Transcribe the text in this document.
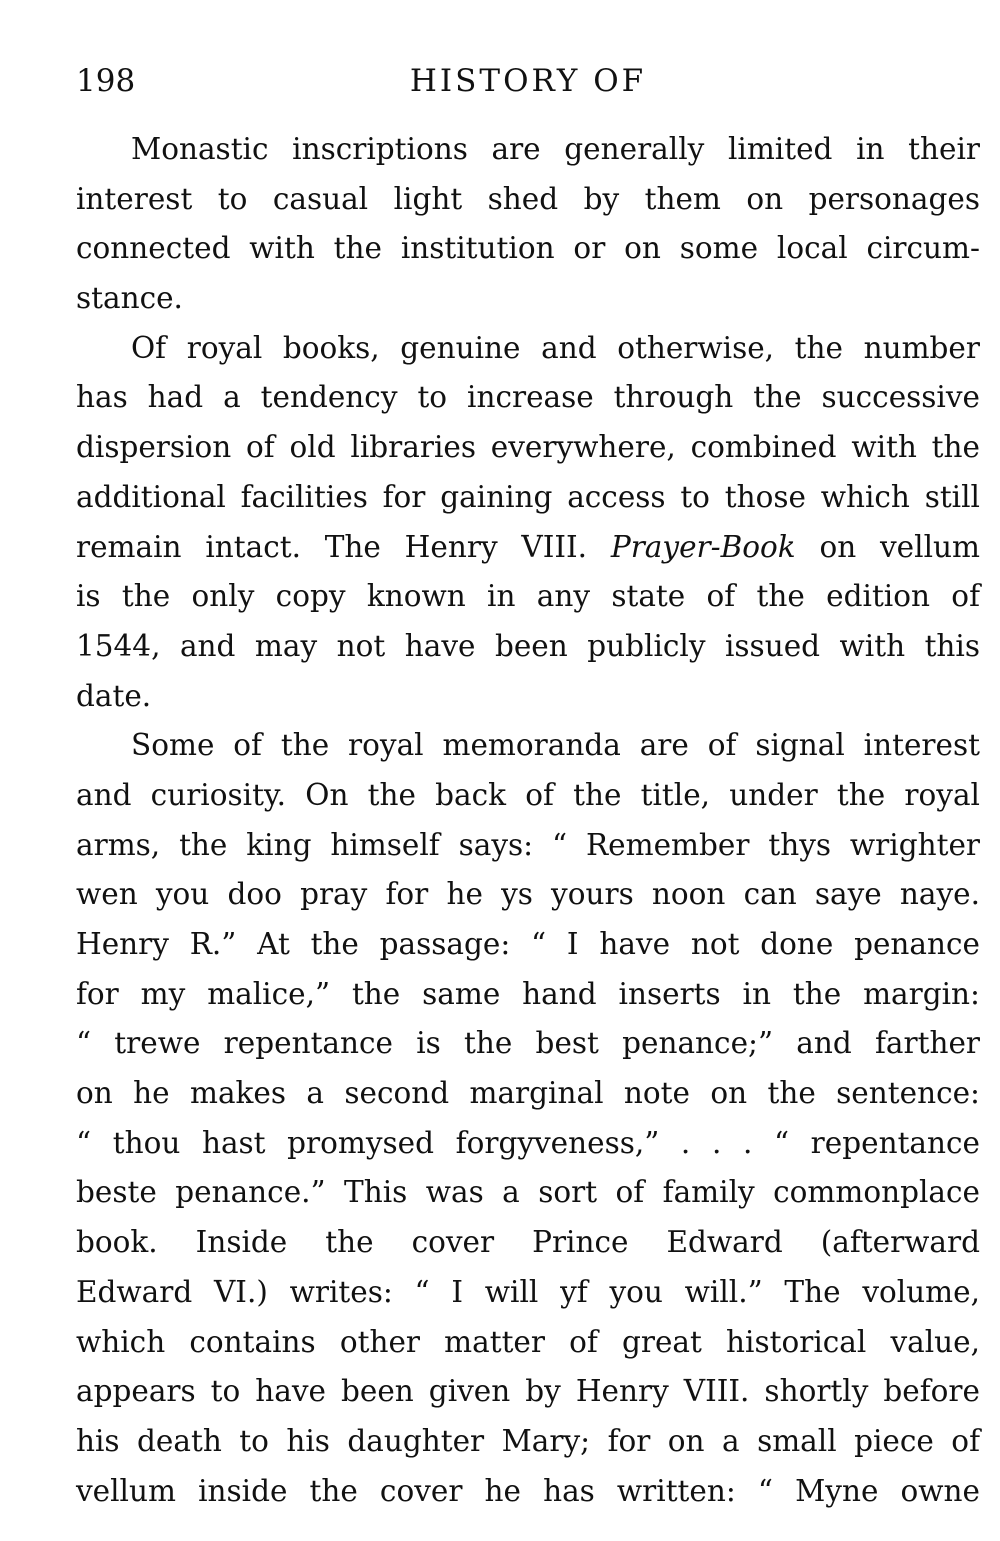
198	HISTORY OF
Monastic inscriptions are generally limited in their
interest to casual light shed by them on personages
connected with the institution or on some local circum-
stance.
Of royal books, genuine and otherwise, the number
has had a tendency to increase through the successive
dispersion of old libraries everywhere, combined with the
additional facilities for gaining access to those which still
remain intact. The Henry VIII. Prayer-Book on vellum
is the only copy known in any state of the edition of
1544, and may not have been publicly issued with this
date.
Some of the royal memoranda are of signal interest
and curiosity. On the back of the title, under the royal
arms, the king himself says: “ Remember thys wrighter
wen you doo pray for he ys yours noon can saye naye.
Henry R.” At the passage: “ I have not done penance
for my malice,” the same hand inserts in the margin:
“ trewe repentance is the best penance;” and farther
on he makes a second marginal note on the sentence:
“ thou hast promysed forgyveness,” . . . “ repentance
beste penance.” This was a sort of family commonplace
book. Inside the cover Prince Edward (afterward
Edward VI.) writes: “ I will yf you will.” The volume,
which contains other matter of great historical value,
appears to have been given by Henry VIII. shortly before
his death to his daughter Mary; for on a small piece of
vellum inside the cover he has written: “ Myne owne
